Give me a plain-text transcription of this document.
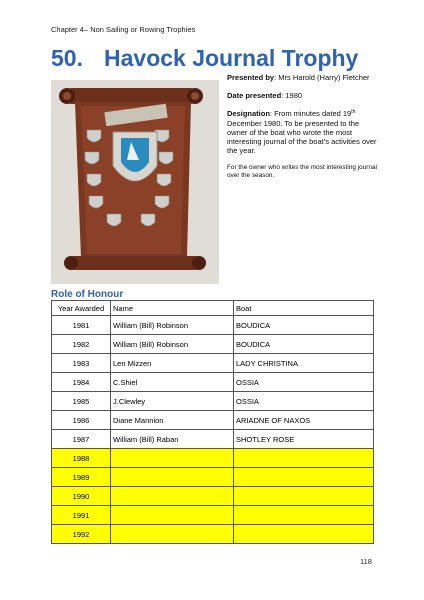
Chapter 4– Non Sailing or Rowing Trophies
50. Havock Journal Trophy

Presented by: Mrs Harold (Harry) Fletcher

Date presented: 1980

Designation: From minutes dated 19th December 1980. To be presented to the owner of the boat who wrote the most interesting journal of the boat’s activities over the year.

For the owner who writes the most interesting journal over the season.

Role of Honour
Year Awarded	Name	Boat
1981	William (Bill) Robinson	BOUDICA
1982	William (Bill) Robinson	BOUDICA
1983	Len Mizzen	LADY CHRISTINA
1984	C.Shiel	OSSIA
1985	J.Clewley	OSSIA
1986	Diane Mannion	ARIADNE OF NAXOS
1987	William (Bill) Raban	SHOTLEY ROSE
1988		
1989		
1990		
1991		
1992		
118
